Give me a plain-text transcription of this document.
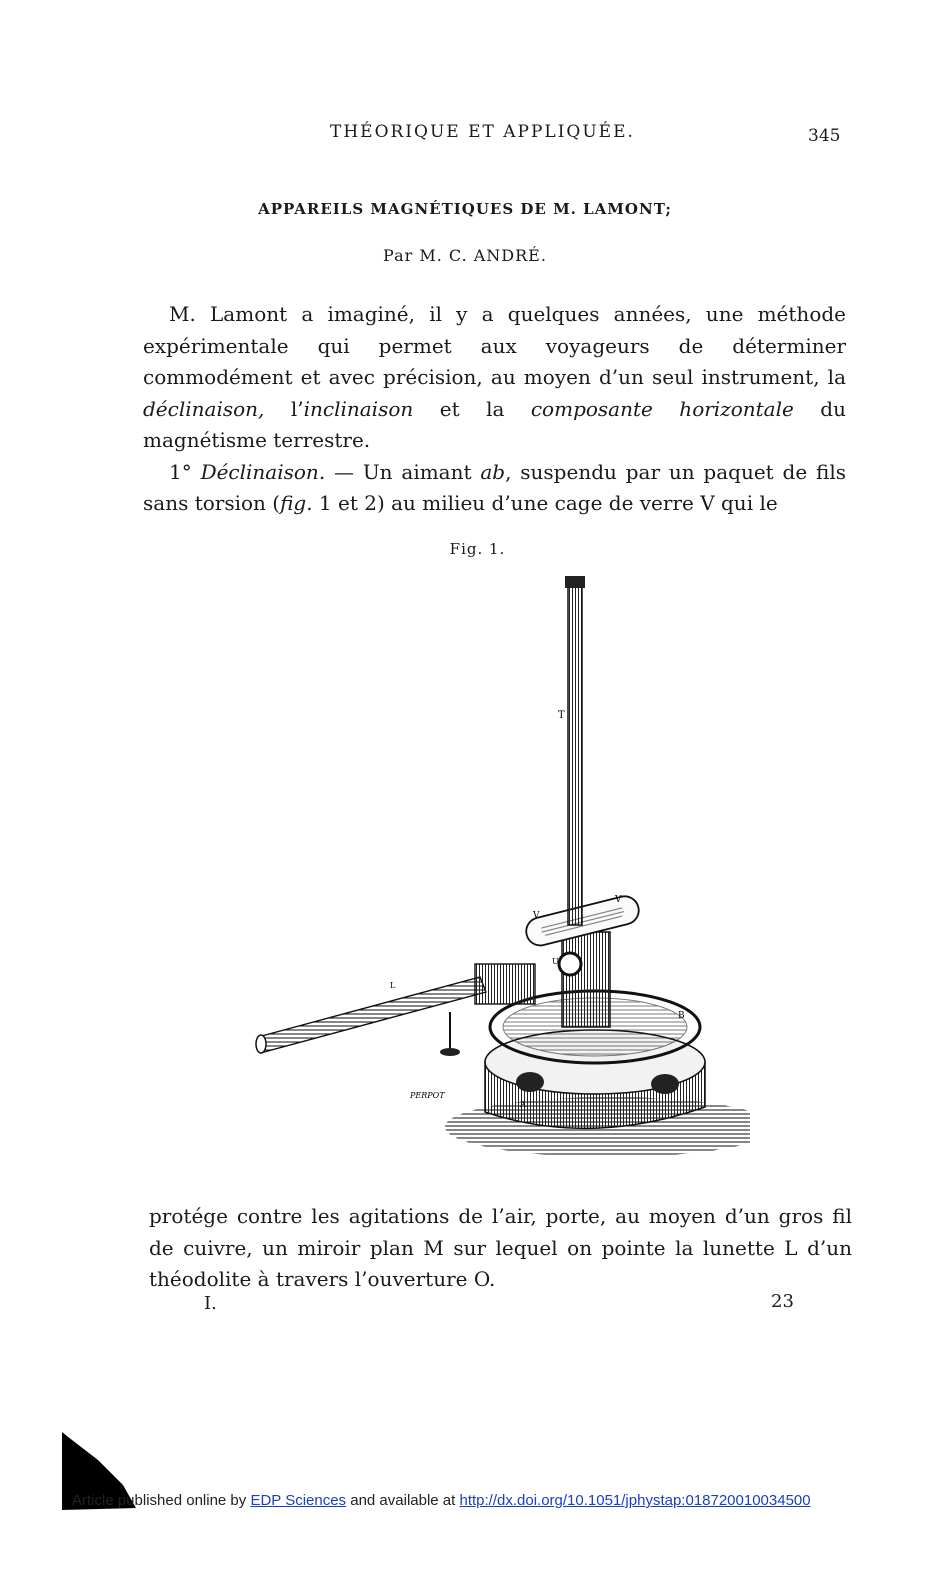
THÉORIQUE ET APPLIQUÉE.	345
APPAREILS MAGNÉTIQUES DE M. LAMONT;
Par M. C. ANDRÉ.

M. Lamont a imaginé, il y a quelques années, une méthode expérimentale qui permet aux voyageurs de déterminer commodément et avec précision, au moyen d’un seul instrument, la déclinaison, l’inclinaison et la composante horizontale du magnétisme terrestre.

1° Déclinaison. — Un aimant ab, suspendu par un paquet de fils sans torsion (fig. 1 et 2) au milieu d’une cage de verre V qui le

Fig. 1.
T
V
V
L
B
A
U
PERPOT

protége contre les agitations de l’air, porte, au moyen d’un gros fil de cuivre, un miroir plan M sur lequel on pointe la lunette L d’un théodolite à travers l’ouverture O.

I.	23
Article published online by EDP Sciences and available at http://dx.doi.org/10.1051/jphystap:018720010034500
